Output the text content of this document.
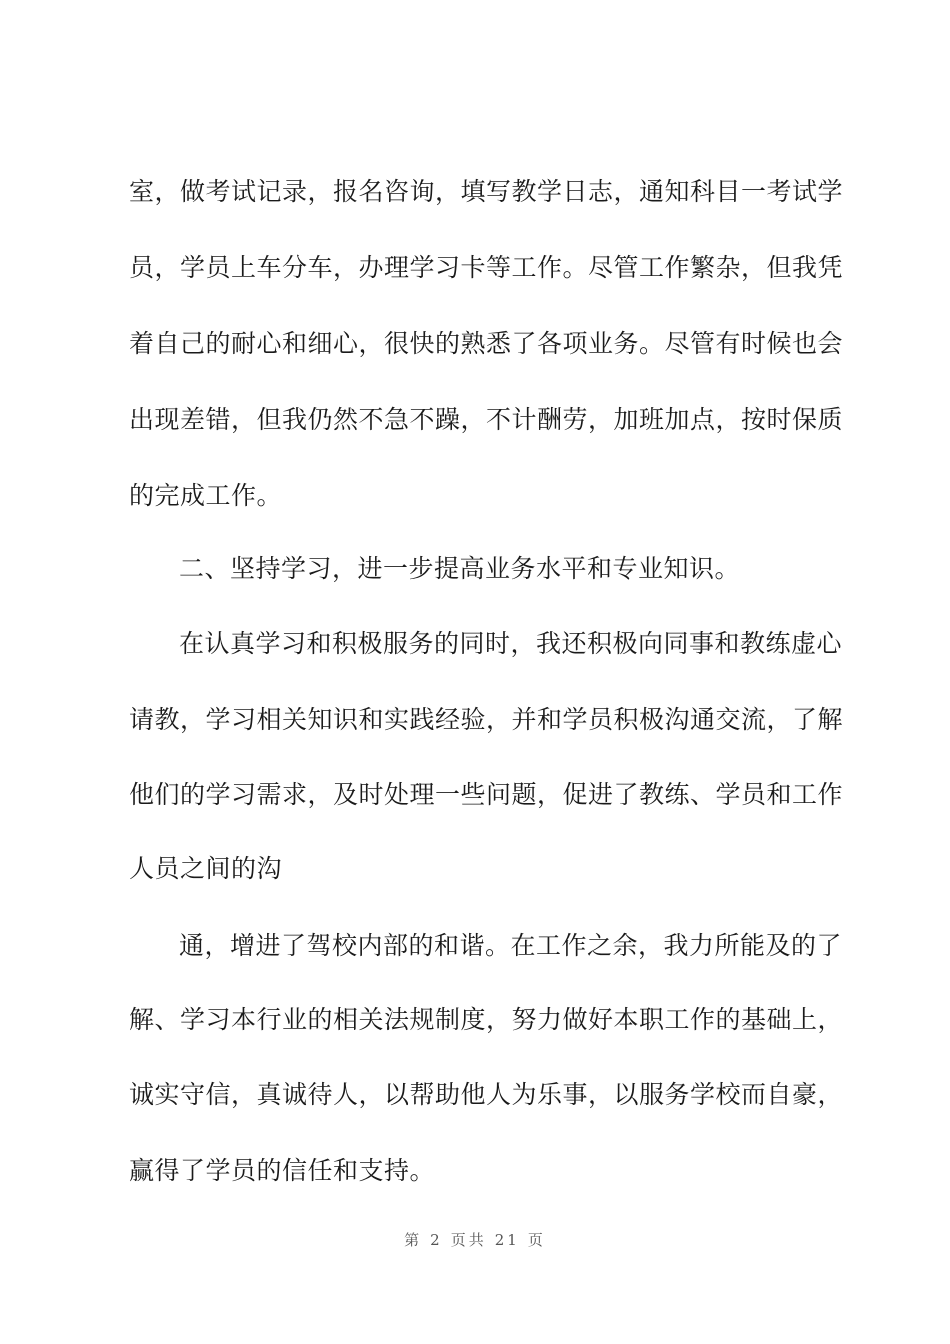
室，做考试记录，报名咨询，填写教学日志，通知科目一考试学
员，学员上车分车，办理学习卡等工作。尽管工作繁杂，但我凭
着自己的耐心和细心，很快的熟悉了各项业务。尽管有时候也会
出现差错，但我仍然不急不躁，不计酬劳，加班加点，按时保质
的完成工作。
二、坚持学习，进一步提高业务水平和专业知识。
在认真学习和积极服务的同时，我还积极向同事和教练虚心
请教，学习相关知识和实践经验，并和学员积极沟通交流，了解
他们的学习需求，及时处理一些问题，促进了教练、学员和工作
人员之间的沟
通，增进了驾校内部的和谐。在工作之余，我力所能及的了
解、学习本行业的相关法规制度，努力做好本职工作的基础上，
诚实守信，真诚待人，以帮助他人为乐事，以服务学校而自豪，
赢得了学员的信任和支持。
第 2 页共 21 页
